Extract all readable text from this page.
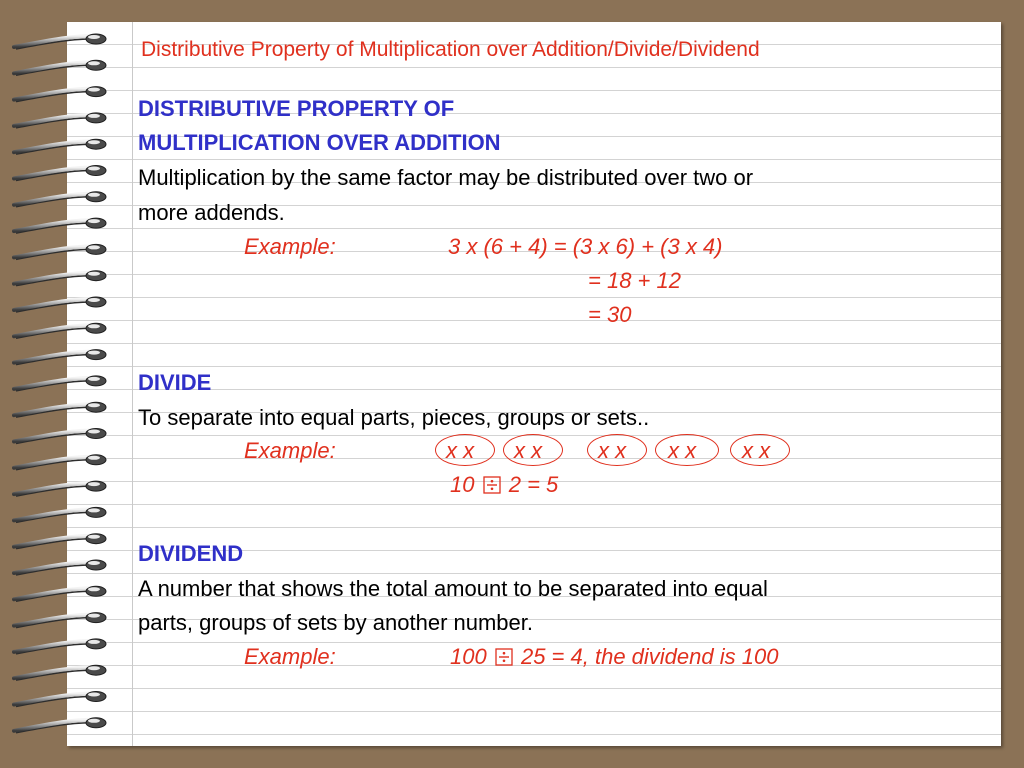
Distributive Property of Multiplication over Addition/Divide/Dividend
DISTRIBUTIVE PROPERTY OF
MULTIPLICATION OVER ADDITION
Multiplication by the same factor may be distributed over two or
more addends.
Example:	3 x (6 + 4) = (3 x 6) + (3 x 4)
= 18 + 12
= 30
DIVIDE
To separate into equal parts, pieces, groups or sets..
Example:	x x x x	x x x x x x
10 2 = 5
DIVIDEND
A number that shows the total amount to be separated into equal
parts, groups of sets by another number.
Example:	100 25 = 4, the dividend is 100
